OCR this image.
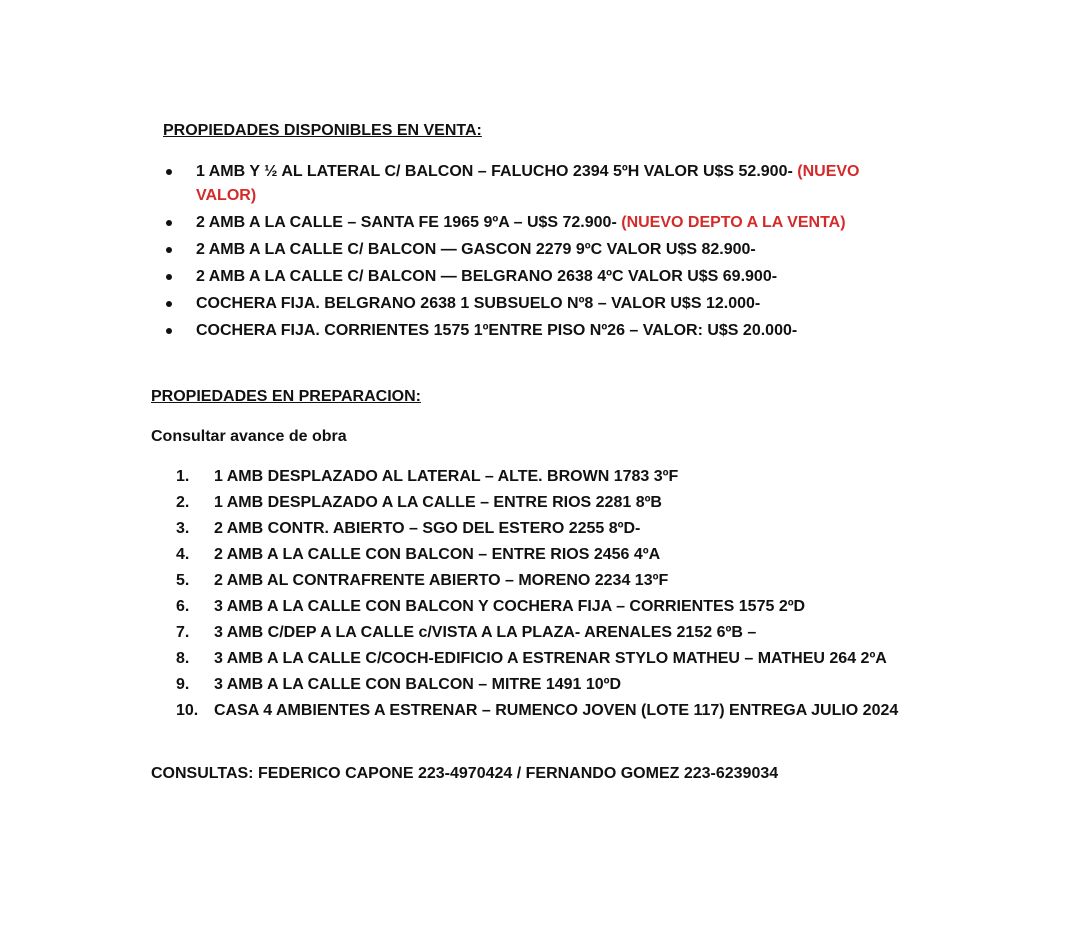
PROPIEDADES DISPONIBLES EN VENTA:
1 AMB Y ½ AL LATERAL C/ BALCON – FALUCHO 2394 5ºH VALOR U$S 52.900- (NUEVO VALOR)
2 AMB A LA CALLE – SANTA FE 1965 9ºA – U$S 72.900- (NUEVO DEPTO A LA VENTA)
2 AMB A LA CALLE C/ BALCON — GASCON 2279 9ºC VALOR U$S 82.900-
2 AMB A LA CALLE C/ BALCON — BELGRANO 2638 4ºC VALOR U$S 69.900-
COCHERA FIJA. BELGRANO 2638 1 SUBSUELO Nº8 – VALOR U$S 12.000-
COCHERA FIJA. CORRIENTES 1575 1ºENTRE PISO Nº26 – VALOR: U$S 20.000-
PROPIEDADES EN PREPARACION:
Consultar avance de obra
1. 1 AMB DESPLAZADO AL LATERAL – ALTE. BROWN 1783 3ºF
2. 1 AMB DESPLAZADO A LA CALLE – ENTRE RIOS 2281 8ºB
3. 2 AMB CONTR. ABIERTO – SGO DEL ESTERO 2255 8ºD-
4. 2 AMB A LA CALLE CON BALCON – ENTRE RIOS 2456 4ºA
5. 2 AMB AL CONTRAFRENTE ABIERTO – MORENO 2234 13ºF
6. 3 AMB A LA CALLE CON BALCON Y COCHERA FIJA – CORRIENTES 1575 2ºD
7. 3 AMB C/DEP A LA CALLE c/VISTA A LA PLAZA- ARENALES 2152 6ºB –
8. 3 AMB A LA CALLE C/COCH-EDIFICIO A ESTRENAR STYLO MATHEU – MATHEU 264 2ºA
9. 3 AMB A LA CALLE CON BALCON – MITRE 1491 10ºD
10. CASA 4 AMBIENTES A ESTRENAR – RUMENCO JOVEN (LOTE 117) ENTREGA JULIO 2024
CONSULTAS: FEDERICO CAPONE 223-4970424 / FERNANDO GOMEZ 223-6239034
